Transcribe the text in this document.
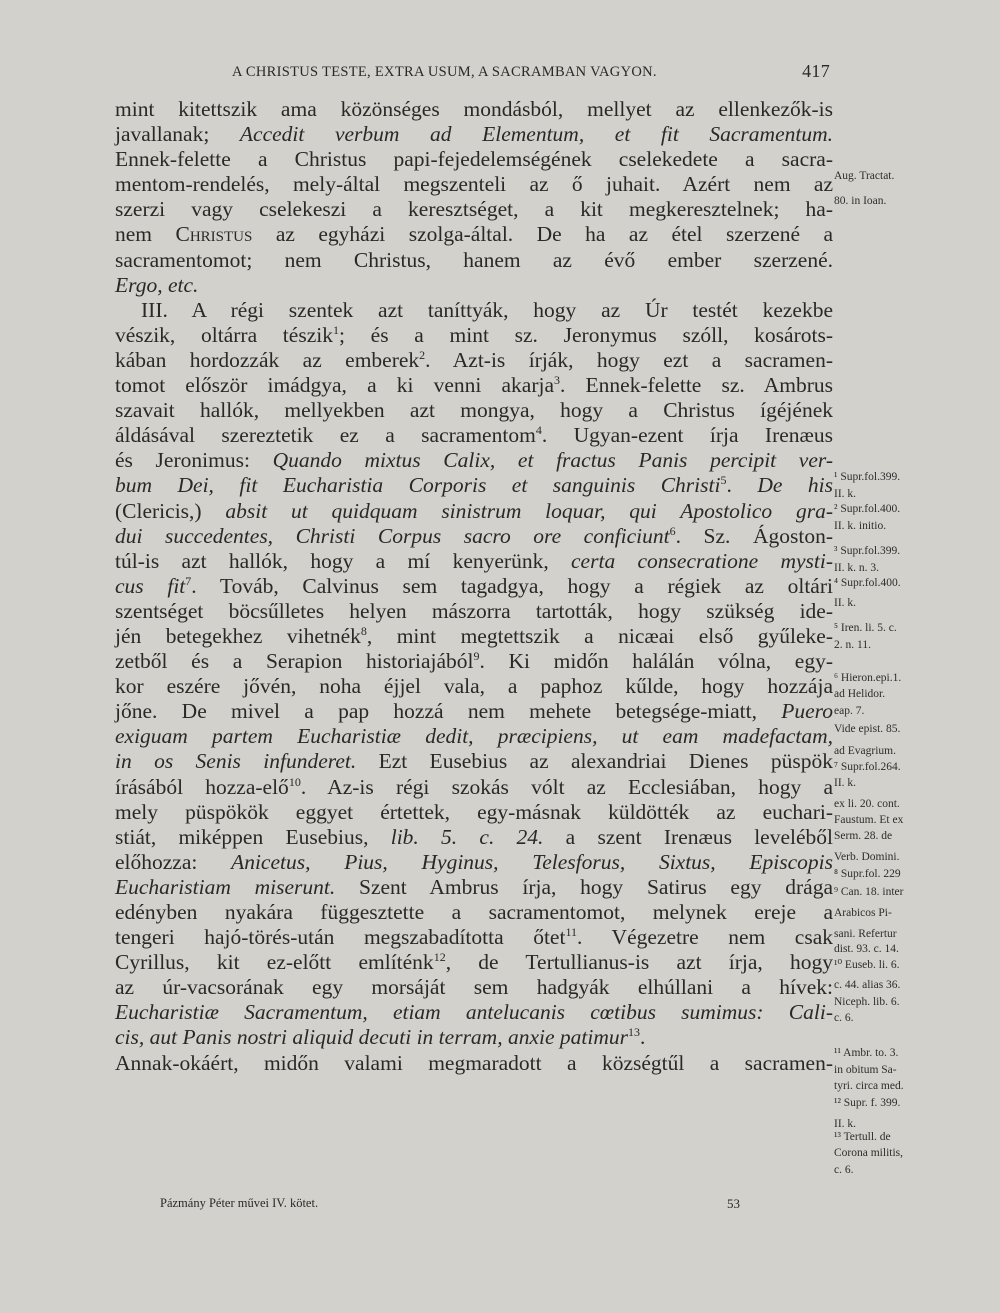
A CHRISTUS TESTE, EXTRA USUM, A SACRAMBAN VAGYON.	417
mint kitettszik ama közönséges mondásból, mellyet az ellenkezők-is
javallanak; Accedit verbum ad Elementum, et fit Sacramentum.
Ennek-felette a Christus papi-fejedelemségének cselekedete a sacra-
mentom-rendelés, mely-által megszenteli az ő juhait. Azért nem az
szerzi vagy cselekeszi a keresztséget, a kit megkeresztelnek; ha-
nem Christus az egyházi szolga-által. De ha az étel szerzené a
sacramentomot; nem Christus, hanem az évő ember szerzené.
Ergo, etc.
III. A régi szentek azt taníttyák, hogy az Úr testét kezekbe
vészik, oltárra tészik$^1$; és a mint sz. Jeronymus szóll, kosárots-
kában hordozzák az emberek$^2$. Azt-is írják, hogy ezt a sacramen-
tomot először imádgya, a ki venni akarja$^3$. Ennek-felette sz. Ambrus
szavait hallók, mellyekben azt mongya, hogy a Christus ígéjének
áldásával szereztetik ez a sacramentom$^4$. Ugyan-ezent írja Irenæus
és Jeronimus: Quando mixtus Calix, et fractus Panis percipit ver-
bum Dei, fit Eucharistia Corporis et sanguinis Christi$^5$. De his
(Clericis,) absit ut quidquam sinistrum loquar, qui Apostolico gra-
dui succedentes, Christi Corpus sacro ore conficiunt$^6$. Sz. Ágoston-
túl-is azt hallók, hogy a mí kenyerünk, certa consecratione mysti-
cus fit$^7$. Továb, Calvinus sem tagadgya, hogy a régiek az oltári
szentséget böcsűlletes helyen mászorra tartották, hogy szükség ide-
jén betegekhez vihetnék$^8$, mint megtettszik a nicæai első gyűleke-
zetből és a Serapion historiajából$^9$. Ki midőn halálán vólna, egy-
kor eszére jővén, noha éjjel vala, a paphoz kűlde, hogy hozzája
jőne. De mivel a pap hozzá nem mehete betegsége-miatt, Puero
exiguam partem Eucharistiæ dedit, præcipiens, ut eam madefactam,
in os Senis infunderet. Ezt Eusebius az alexandriai Dienes püspök
írásából hozza-elő$^{10}$. Az-is régi szokás vólt az Ecclesiában, hogy a
mely püspökök eggyet értettek, egy-másnak küldötték az euchari-
stiát, miképpen Eusebius, lib. 5. c. 24. a szent Irenæus leveléből
előhozza: Anicetus, Pius, Hyginus, Telesforus, Sixtus, Episcopis
Eucharistiam miserunt. Szent Ambrus írja, hogy Satirus egy drága
edényben nyakára függesztette a sacramentomot, melynek ereje a
tengeri hajó-törés-után megszabadította őtet$^{11}$. Végezetre nem csak
Cyrillus, kit ez-előtt említénk$^{12}$, de Tertullianus-is azt írja, hogy
az úr-vacsorának egy morsáját sem hadgyák elhúllani a hívek:
Eucharistiæ Sacramentum, etiam antelucanis cœtibus sumimus: Cali-
cis, aut Panis nostri aliquid decuti in terram, anxie patimur$^{13}$.
Annak-okáért, midőn valami megmaradott a községtűl a sacramen-
Aug. Tractat.
80. in Ioan.
¹ Supr.fol.399.
II. k.
² Supr.fol.400.
II. k. initio.
³ Supr.fol.399.
II. k. n. 3.
⁴ Supr.fol.400.
II. k.
⁵ Iren. li. 5. c.
2. n. 11.
⁶ Hieron.epi.1.
ad Helidor.
eap. 7.
Vide epist. 85.
ad Evagrium.
⁷ Supr.fol.264.
II. k.
ex li. 20. cont.
Faustum. Et ex
Serm. 28. de
Verb. Domini.
⁸ Supr.fol. 229
⁹ Can. 18. inter
Arabicos Pi-
sani. Refertur
dist. 93. c. 14.
¹⁰ Euseb. li. 6.
c. 44. alias 36.
Niceph. lib. 6.
c. 6.
¹¹ Ambr. to. 3.
in obitum Sa-
tyri. circa med.
¹² Supr. f. 399.
II. k.
¹³ Tertull. de
Corona militis,
c. 6.
Pázmány Péter művei IV. kötet.	53
